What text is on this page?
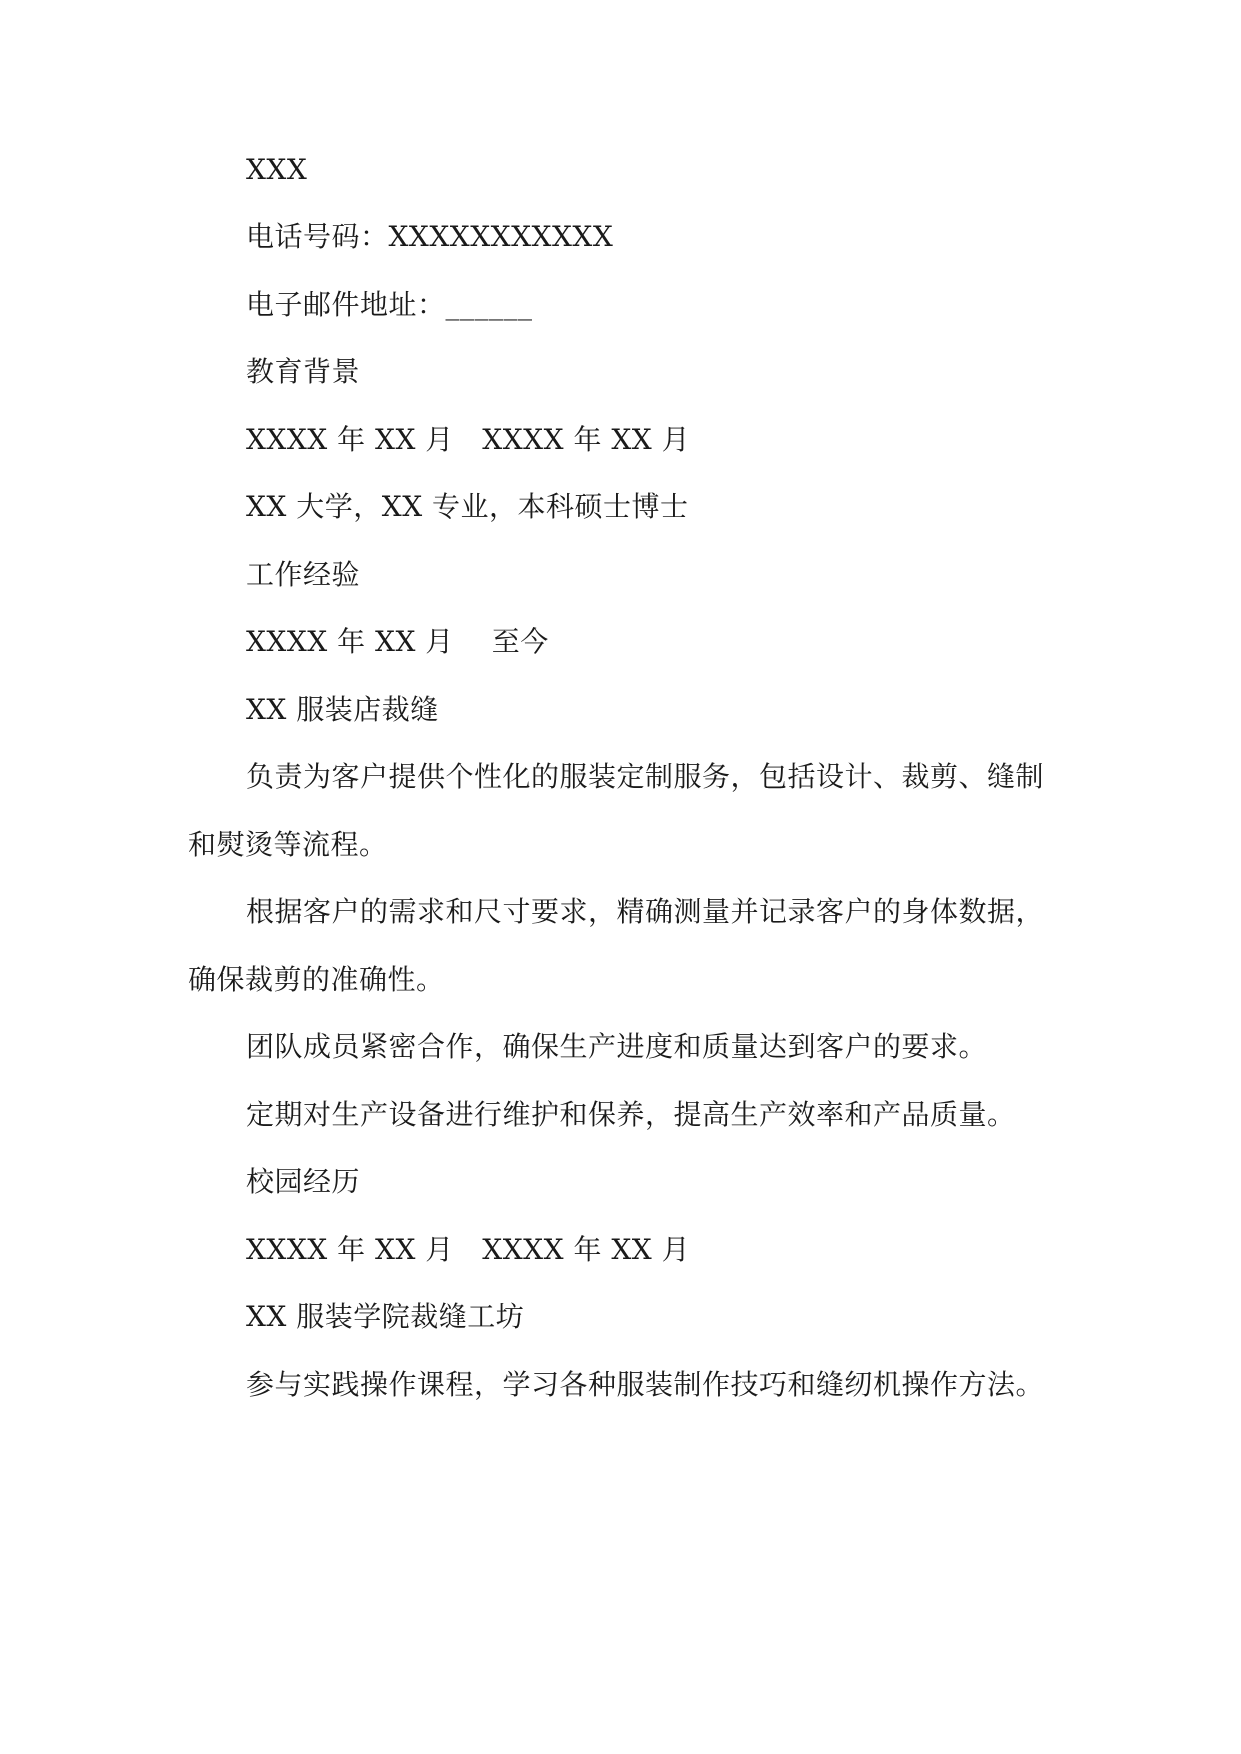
XXX
电话号码：XXXXXXXXXXX
电子邮件地址：______
教育背景
XXXX 年 XX 月　XXXX 年 XX 月
XX 大学，XX 专业，本科硕士博士
工作经验
XXXX 年 XX 月　 至今
XX 服装店裁缝
负责为客户提供个性化的服装定制服务，包括设计、裁剪、缝制
和熨烫等流程。
根据客户的需求和尺寸要求，精确测量并记录客户的身体数据，
确保裁剪的准确性。
团队成员紧密合作，确保生产进度和质量达到客户的要求。
定期对生产设备进行维护和保养，提高生产效率和产品质量。
校园经历
XXXX 年 XX 月　XXXX 年 XX 月
XX 服装学院裁缝工坊
参与实践操作课程，学习各种服装制作技巧和缝纫机操作方法。
